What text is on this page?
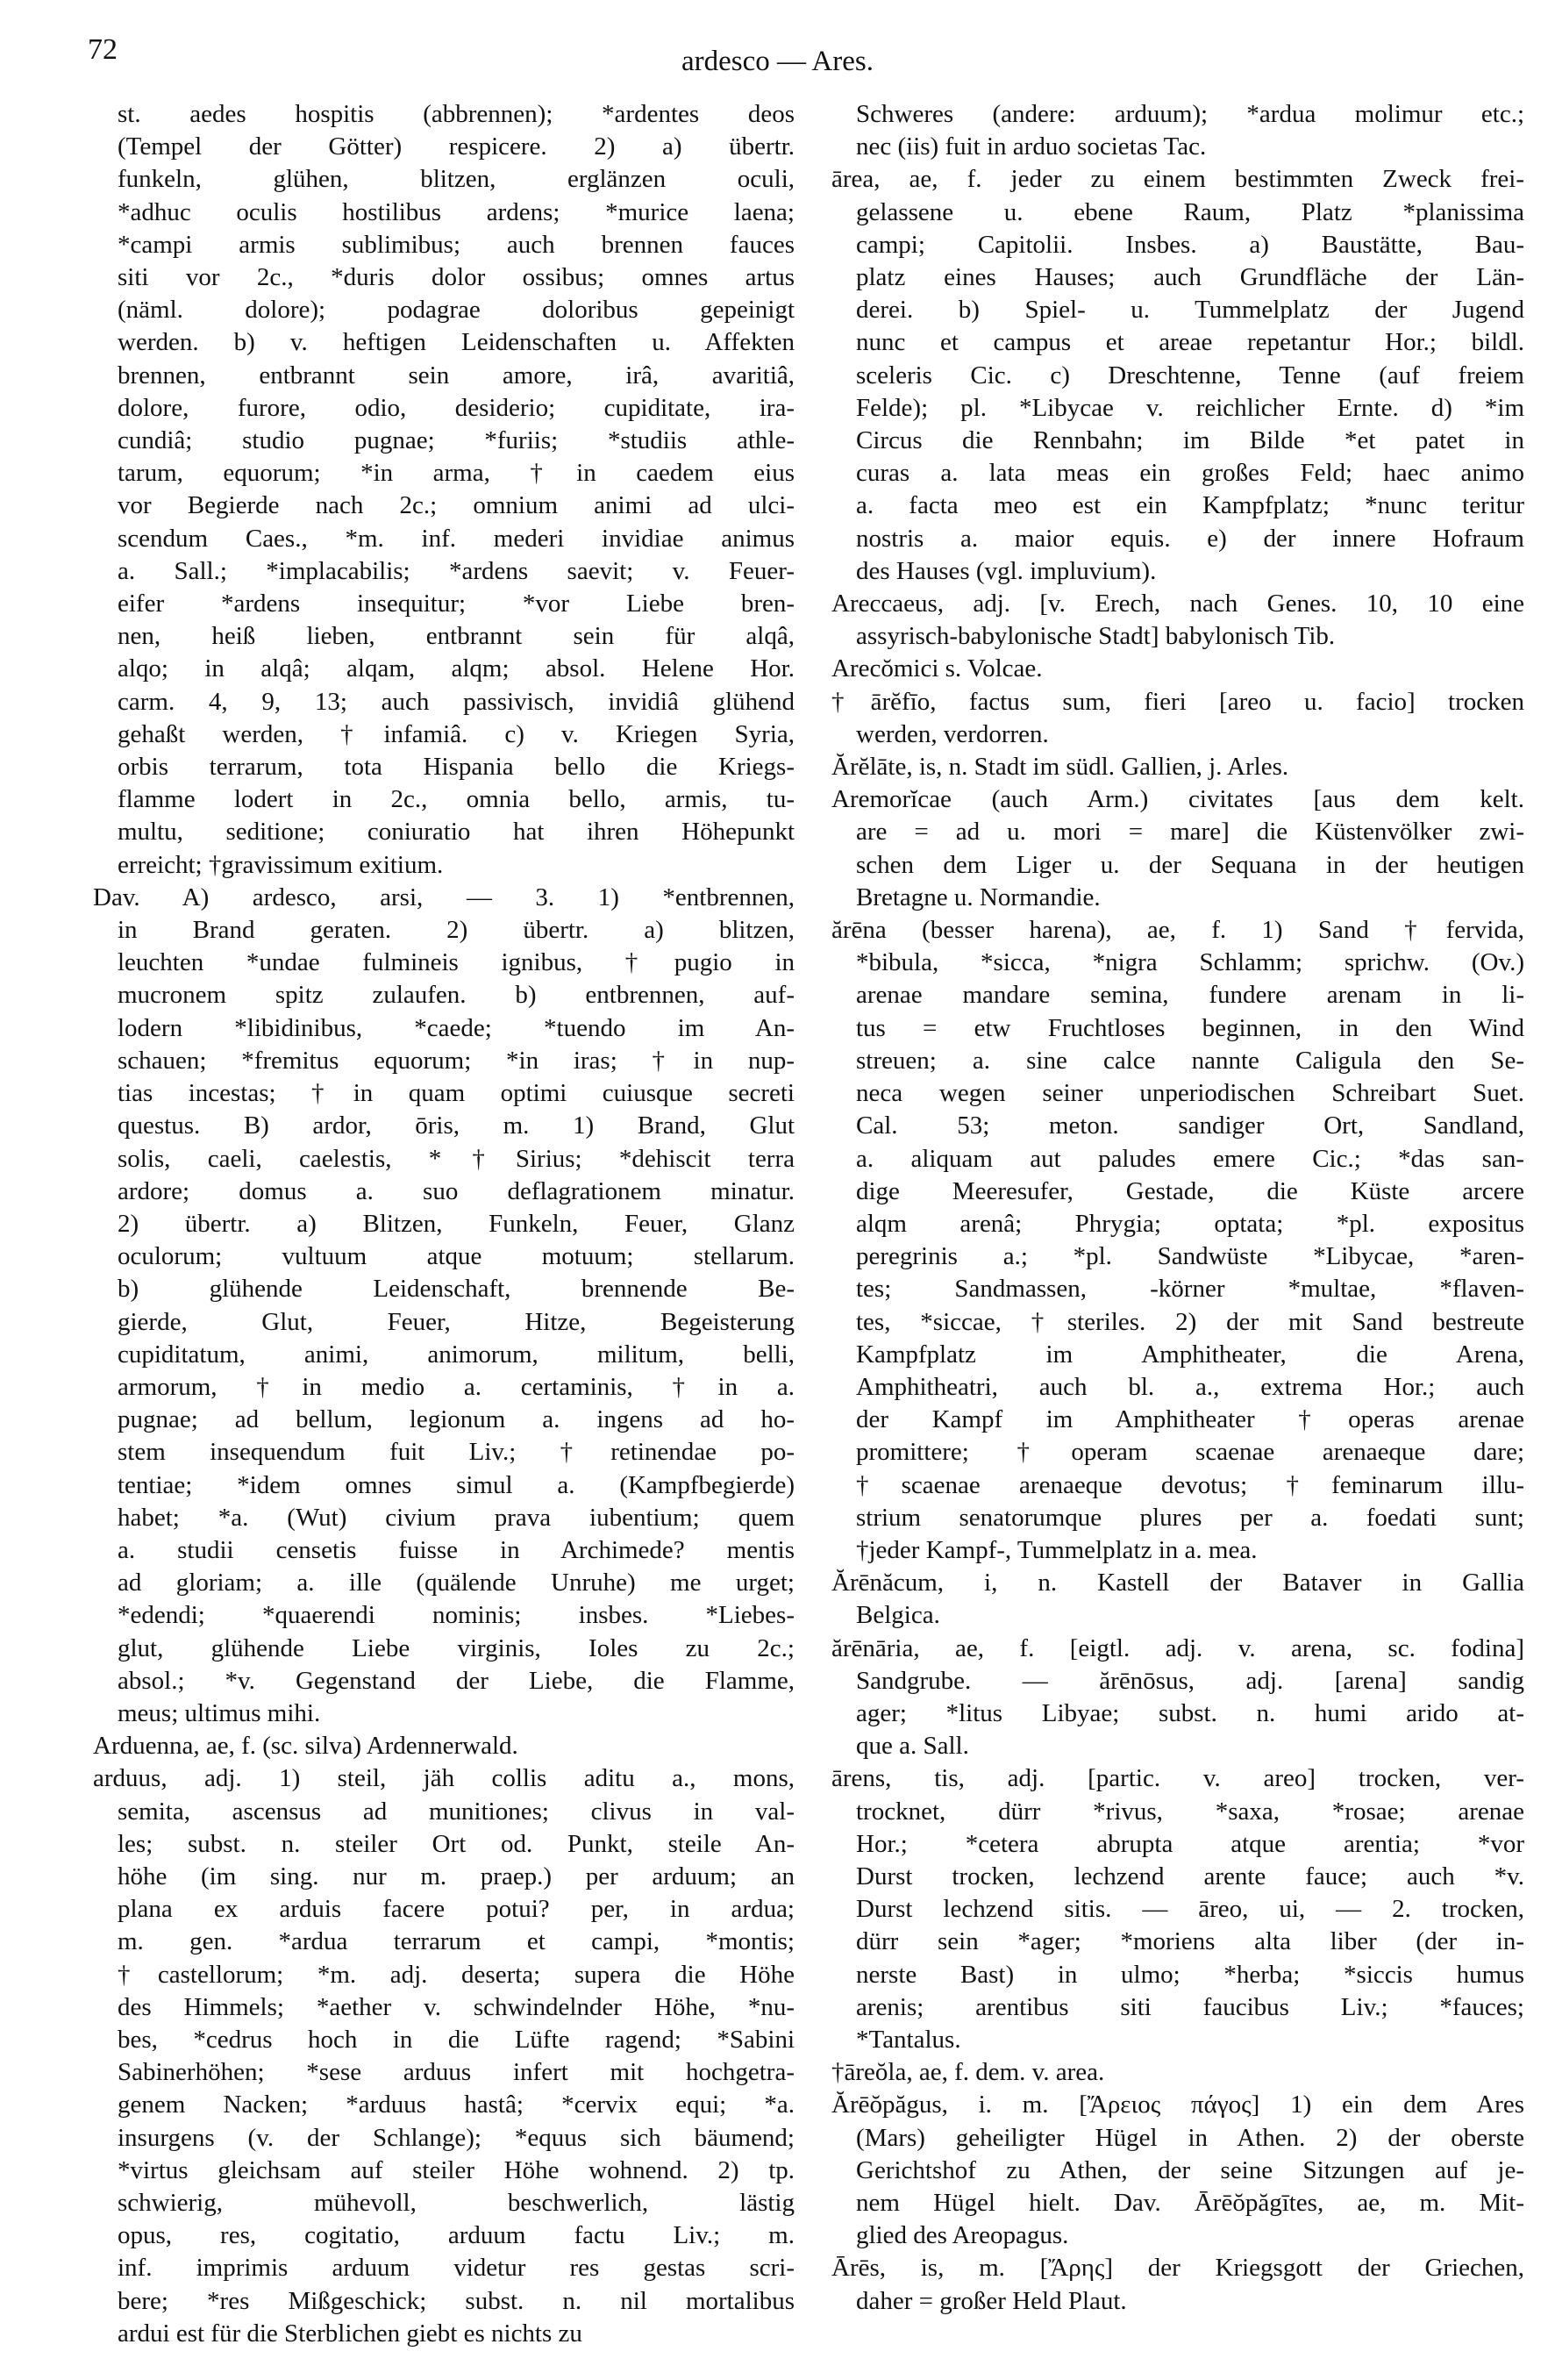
72	ardesco — Ares.

st. aedes hospitis (abbrennen); *ardentes deos
(Tempel der Götter) respicere. 2) a) übertr.
funkeln, glühen, blitzen, erglänzen oculi,
*adhuc oculis hostilibus ardens; *murice laena;
*campi armis sublimibus; auch brennen fauces
siti vor 2c., *duris dolor ossibus; omnes artus
(näml. dolore); podagrae doloribus gepeinigt
werden. b) v. heftigen Leidenschaften u. Affekten
brennen, entbrannt sein amore, irâ, avaritiâ,
dolore, furore, odio, desiderio; cupiditate, ira-
cundiâ; studio pugnae; *furiis; *studiis athle-
tarum, equorum; *in arma, †in caedem eius
vor Begierde nach 2c.; omnium animi ad ulci-
scendum Caes., *m. inf. mederi invidiae animus
a. Sall.; *implacabilis; *ardens saevit; v. Feuer-
eifer *ardens insequitur; *vor Liebe bren-
nen, heiß lieben, entbrannt sein für alqâ,
alqo; in alqâ; alqam, alqm; absol. Helene Hor.
carm. 4, 9, 13; auch passivisch, invidiâ glühend
gehaßt werden, †infamiâ. c) v. Kriegen Syria,
orbis terrarum, tota Hispania bello die Kriegs-
flamme lodert in 2c., omnia bello, armis, tu-
multu, seditione; coniuratio hat ihren Höhepunkt
erreicht; †gravissimum exitium.

Dav. A) ardesco, arsi, — 3. 1) *entbrennen,
in Brand geraten. 2) übertr. a) blitzen,
leuchten *undae fulmineis ignibus, †pugio in
mucronem spitz zulaufen. b) entbrennen, auf-
lodern *libidinibus, *caede; *tuendo im An-
schauen; *fremitus equorum; *in iras; †in nup-
tias incestas; †in quam optimi cuiusque secreti
questus. B) ardor, ōris, m. 1) Brand, Glut
solis, caeli, caelestis, *†Sirius; *dehiscit terra
ardore; domus a. suo deflagrationem minatur.
2) übertr. a) Blitzen, Funkeln, Feuer, Glanz
oculorum; vultuum atque motuum; stellarum.
b) glühende Leidenschaft, brennende Be-
gierde, Glut, Feuer, Hitze, Begeisterung
cupiditatum, animi, animorum, militum, belli,
armorum, †in medio a. certaminis, †in a.
pugnae; ad bellum, legionum a. ingens ad ho-
stem insequendum fuit Liv.; †retinendae po-
tentiae; *idem omnes simul a. (Kampfbegierde)
habet; *a. (Wut) civium prava iubentium; quem
a. studii censetis fuisse in Archimede? mentis
ad gloriam; a. ille (quälende Unruhe) me urget;
*edendi; *quaerendi nominis; insbes. *Liebes-
glut, glühende Liebe virginis, Ioles zu 2c.;
absol.; *v. Gegenstand der Liebe, die Flamme,
meus; ultimus mihi.

Arduenna, ae, f. (sc. silva) Ardennerwald.

arduus, adj. 1) steil, jäh collis aditu a., mons,
semita, ascensus ad munitiones; clivus in val-
les; subst. n. steiler Ort od. Punkt, steile An-
höhe (im sing. nur m. praep.) per arduum; an
plana ex arduis facere potui? per, in ardua;
m. gen. *ardua terrarum et campi, *montis;
†castellorum; *m. adj. deserta; supera die Höhe
des Himmels; *aether v. schwindelnder Höhe, *nu-
bes, *cedrus hoch in die Lüfte ragend; *Sabini
Sabinerhöhen; *sese arduus infert mit hochgetra-
genem Nacken; *arduus hastâ; *cervix equi; *a.
insurgens (v. der Schlange); *equus sich bäumend;
*virtus gleichsam auf steiler Höhe wohnend. 2) tp.
schwierig, mühevoll, beschwerlich, lästig
opus, res, cogitatio, arduum factu Liv.; m.
inf. imprimis arduum videtur res gestas scri-
bere; *res Mißgeschick; subst. n. nil mortalibus
ardui est für die Sterblichen giebt es nichts zu

Schweres (andere: arduum); *ardua molimur etc.;
nec (iis) fuit in arduo societas Tac.

ārea, ae, f. jeder zu einem bestimmten Zweck frei-
gelassene u. ebene Raum, Platz *planissima
campi; Capitolii. Insbes. a) Baustätte, Bau-
platz eines Hauses; auch Grundfläche der Län-
derei. b) Spiel- u. Tummelplatz der Jugend
nunc et campus et areae repetantur Hor.; bildl.
sceleris Cic. c) Dreschtenne, Tenne (auf freiem
Felde); pl. *Libycae v. reichlicher Ernte. d) *im
Circus die Rennbahn; im Bilde *et patet in
curas a. lata meas ein großes Feld; haec animo
a. facta meo est ein Kampfplatz; *nunc teritur
nostris a. maior equis. e) der innere Hofraum
des Hauses (vgl. impluvium).

Areccaeus, adj. [v. Erech, nach Genes. 10, 10 eine
assyrisch-babylonische Stadt] babylonisch Tib.

Arecŏmici s. Volcae.

†ārĕfīo, factus sum, fieri [areo u. facio] trocken
werden, verdorren.

Ărĕlāte, is, n. Stadt im südl. Gallien, j. Arles.

Aremorĭcae (auch Arm.) civitates [aus dem kelt.
are = ad u. mori = mare] die Küstenvölker zwi-
schen dem Liger u. der Sequana in der heutigen
Bretagne u. Normandie.

ărēna (besser harena), ae, f. 1) Sand †fervida,
*bibula, *sicca, *nigra Schlamm; sprichw. (Ov.)
arenae mandare semina, fundere arenam in li-
tus = etw Fruchtloses beginnen, in den Wind
streuen; a. sine calce nannte Caligula den Se-
neca wegen seiner unperiodischen Schreibart Suet.
Cal. 53; meton. sandiger Ort, Sandland,
a. aliquam aut paludes emere Cic.; *das san-
dige Meeresufer, Gestade, die Küste arcere
alqm arenâ; Phrygia; optata; *pl. expositus
peregrinis a.; *pl. Sandwüste *Libycae, *aren-
tes; Sandmassen, -körner *multae, *flaven-
tes, *siccae, †steriles. 2) der mit Sand bestreute
Kampfplatz im Amphitheater, die Arena,
Amphitheatri, auch bl. a., extrema Hor.; auch
der Kampf im Amphitheater †operas arenae
promittere; †operam scaenae arenaeque dare;
†scaenae arenaeque devotus; †feminarum illu-
strium senatorumque plures per a. foedati sunt;
†jeder Kampf-, Tummelplatz in a. mea.

Ărēnăcum, i, n. Kastell der Bataver in Gallia
Belgica.

ărēnāria, ae, f. [eigtl. adj. v. arena, sc. fodina]
Sandgrube. — ărēnōsus, adj. [arena] sandig
ager; *litus Libyae; subst. n. humi arido at-
que a. Sall.

ārens, tis, adj. [partic. v. areo] trocken, ver-
trocknet, dürr *rivus, *saxa, *rosae; arenae
Hor.; *cetera abrupta atque arentia; *vor
Durst trocken, lechzend arente fauce; auch *v.
Durst lechzend sitis. — āreo, ui, — 2. trocken,
dürr sein *ager; *moriens alta liber (der in-
nerste Bast) in ulmo; *herba; *siccis humus
arenis; arentibus siti faucibus Liv.; *fauces;
*Tantalus.

†āreŏla, ae, f. dem. v. area.

Ărēŏpăgus, i. m. [Ἄρειος πάγος] 1) ein dem Ares
(Mars) geheiligter Hügel in Athen. 2) der oberste
Gerichtshof zu Athen, der seine Sitzungen auf je-
nem Hügel hielt. Dav. Ārēŏpăgītes, ae, m. Mit-
glied des Areopagus.

Ārēs, is, m. [Ἄρης] der Kriegsgott der Griechen,
daher = großer Held Plaut.
